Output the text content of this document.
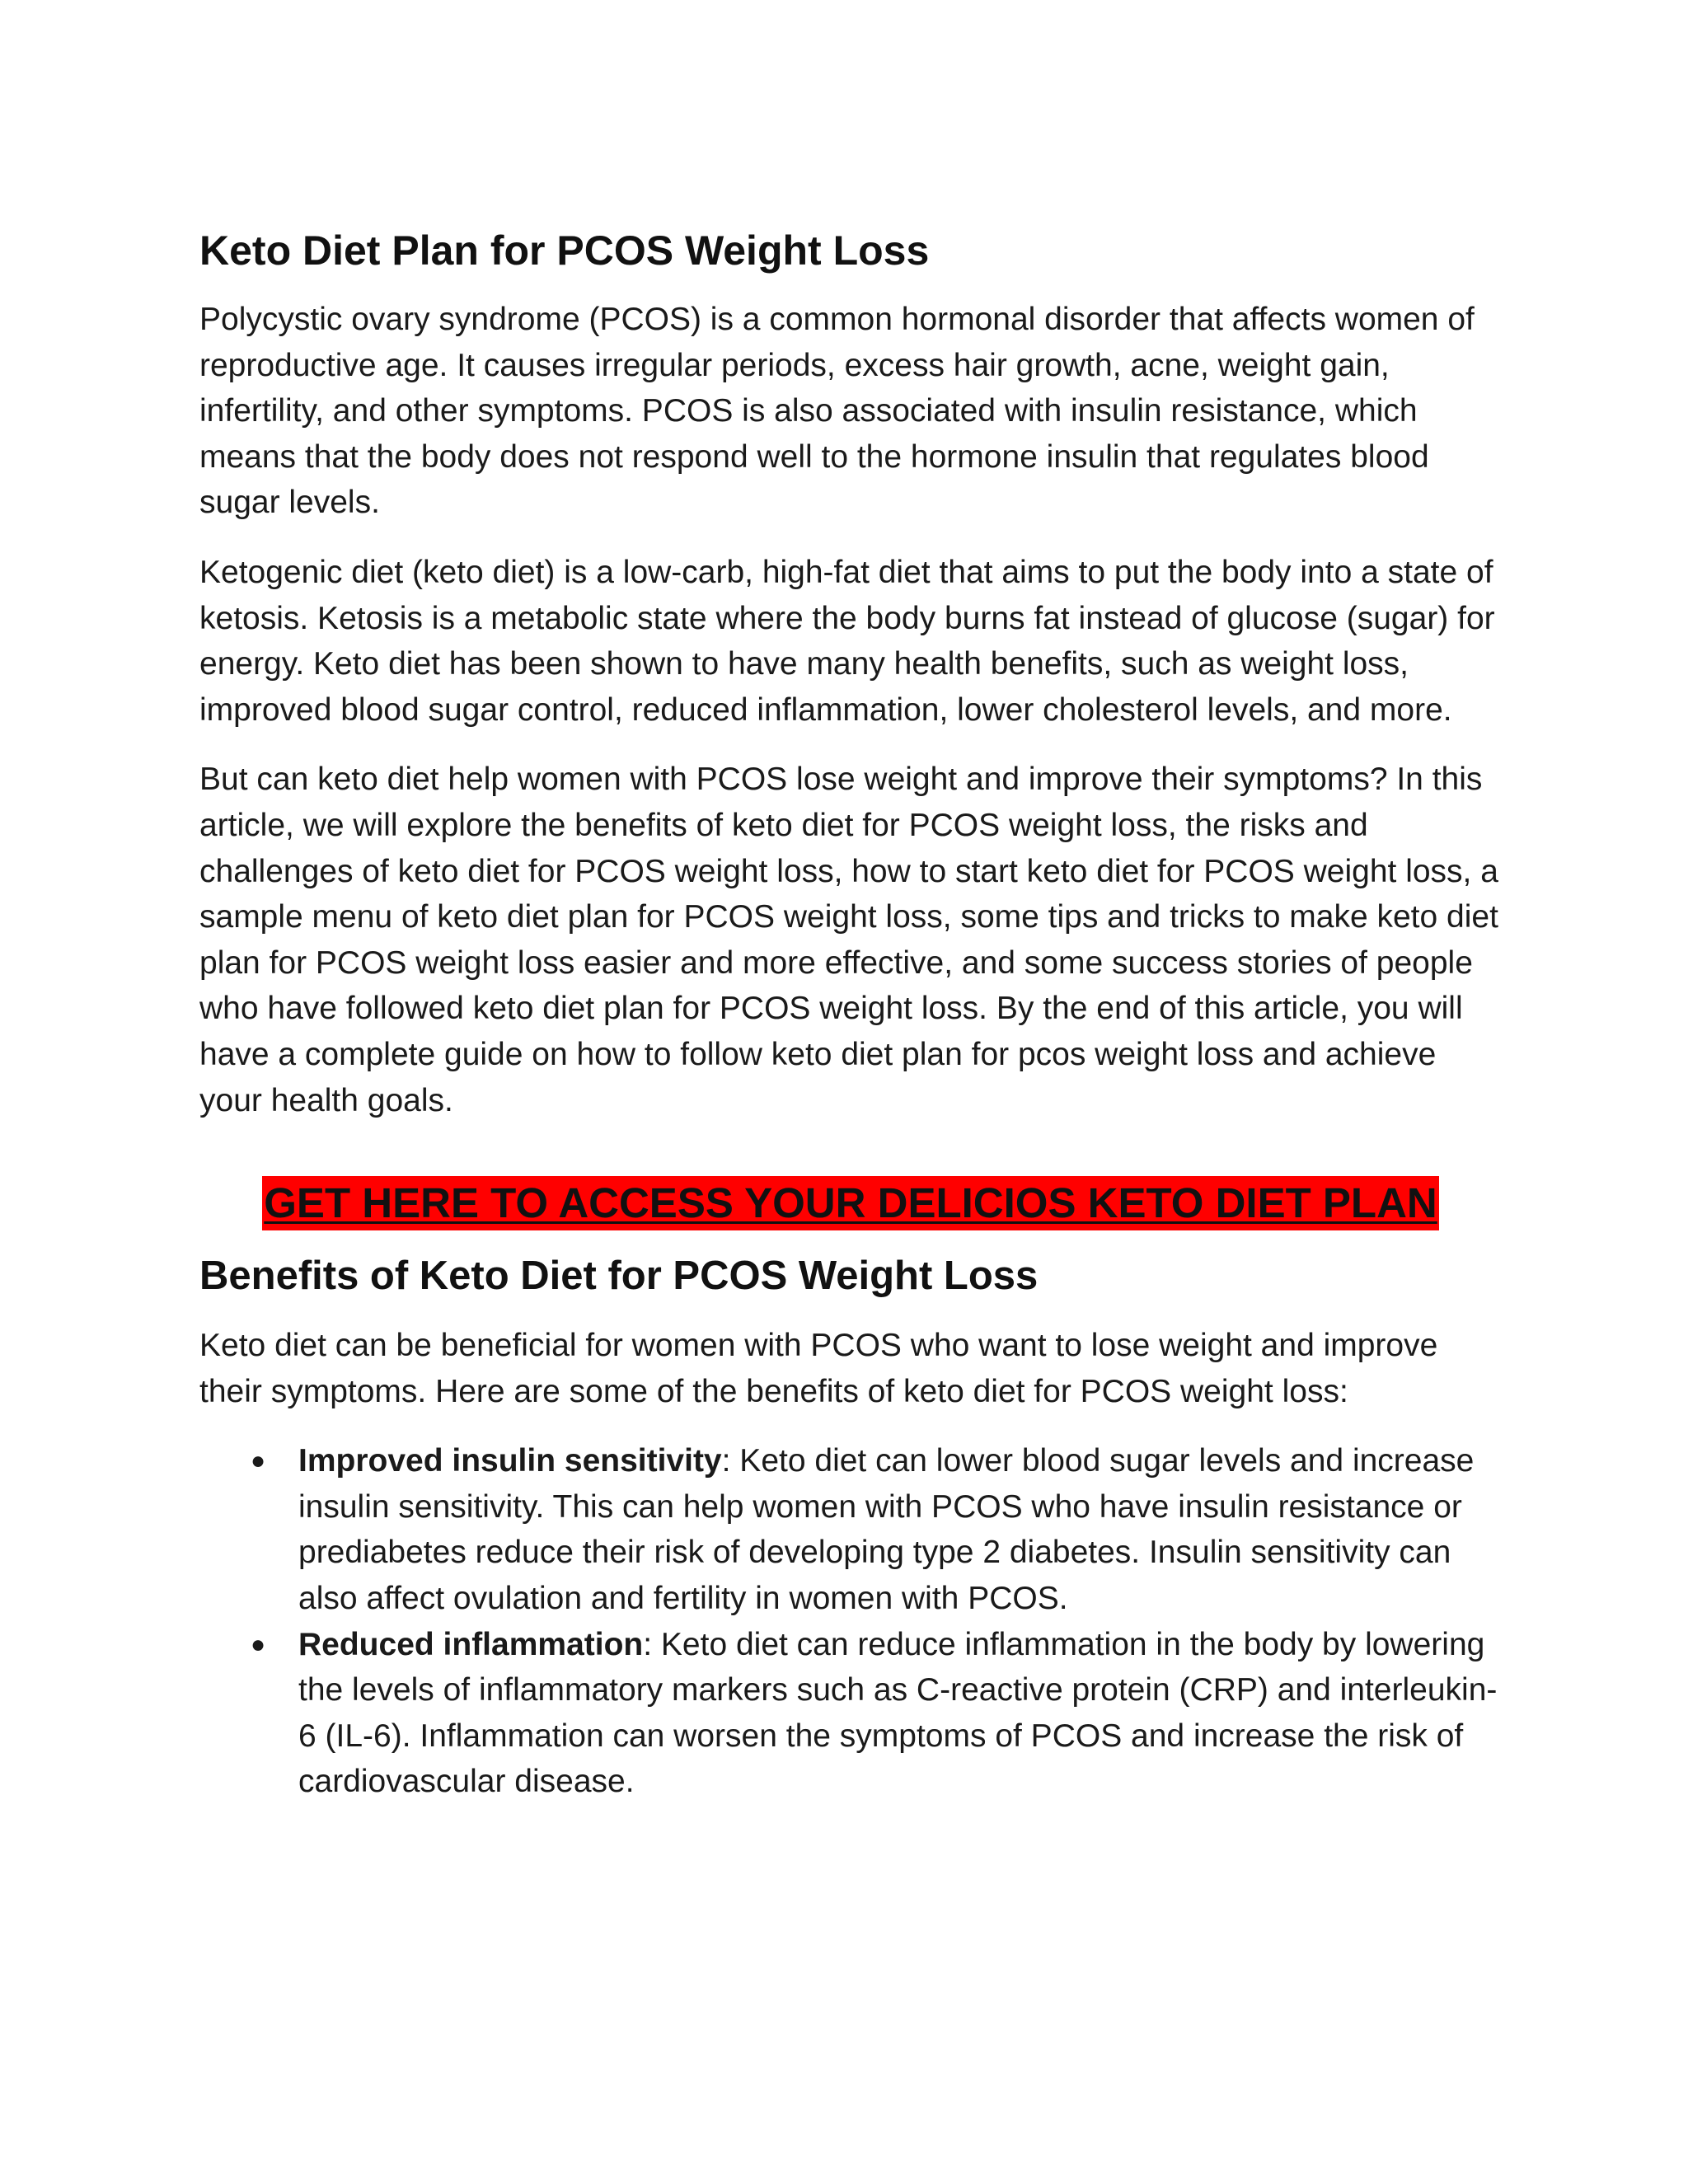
Keto Diet Plan for PCOS Weight Loss

Polycystic ovary syndrome (PCOS) is a common hormonal disorder that affects women of reproductive age. It causes irregular periods, excess hair growth, acne, weight gain, infertility, and other symptoms. PCOS is also associated with insulin resistance, which means that the body does not respond well to the hormone insulin that regulates blood sugar levels.

Ketogenic diet (keto diet) is a low-carb, high-fat diet that aims to put the body into a state of ketosis. Ketosis is a metabolic state where the body burns fat instead of glucose (sugar) for energy. Keto diet has been shown to have many health benefits, such as weight loss, improved blood sugar control, reduced inflammation, lower cholesterol levels, and more.

But can keto diet help women with PCOS lose weight and improve their symptoms? In this article, we will explore the benefits of keto diet for PCOS weight loss, the risks and challenges of keto diet for PCOS weight loss, how to start keto diet for PCOS weight loss, a sample menu of keto diet plan for PCOS weight loss, some tips and tricks to make keto diet plan for PCOS weight loss easier and more effective, and some success stories of people who have followed keto diet plan for PCOS weight loss. By the end of this article, you will have a complete guide on how to follow keto diet plan for pcos weight loss and achieve your health goals.

GET HERE TO ACCESS YOUR DELICIOS KETO DIET PLAN
Benefits of Keto Diet for PCOS Weight Loss

Keto diet can be beneficial for women with PCOS who want to lose weight and improve their symptoms. Here are some of the benefits of keto diet for PCOS weight loss:

● Improved insulin sensitivity: Keto diet can lower blood sugar levels and increase insulin sensitivity. This can help women with PCOS who have insulin resistance or prediabetes reduce their risk of developing type 2 diabetes. Insulin sensitivity can also affect ovulation and fertility in women with PCOS.
● Reduced inflammation: Keto diet can reduce inflammation in the body by lowering the levels of inflammatory markers such as C-reactive protein (CRP) and interleukin-6 (IL-6). Inflammation can worsen the symptoms of PCOS and increase the risk of cardiovascular disease.
